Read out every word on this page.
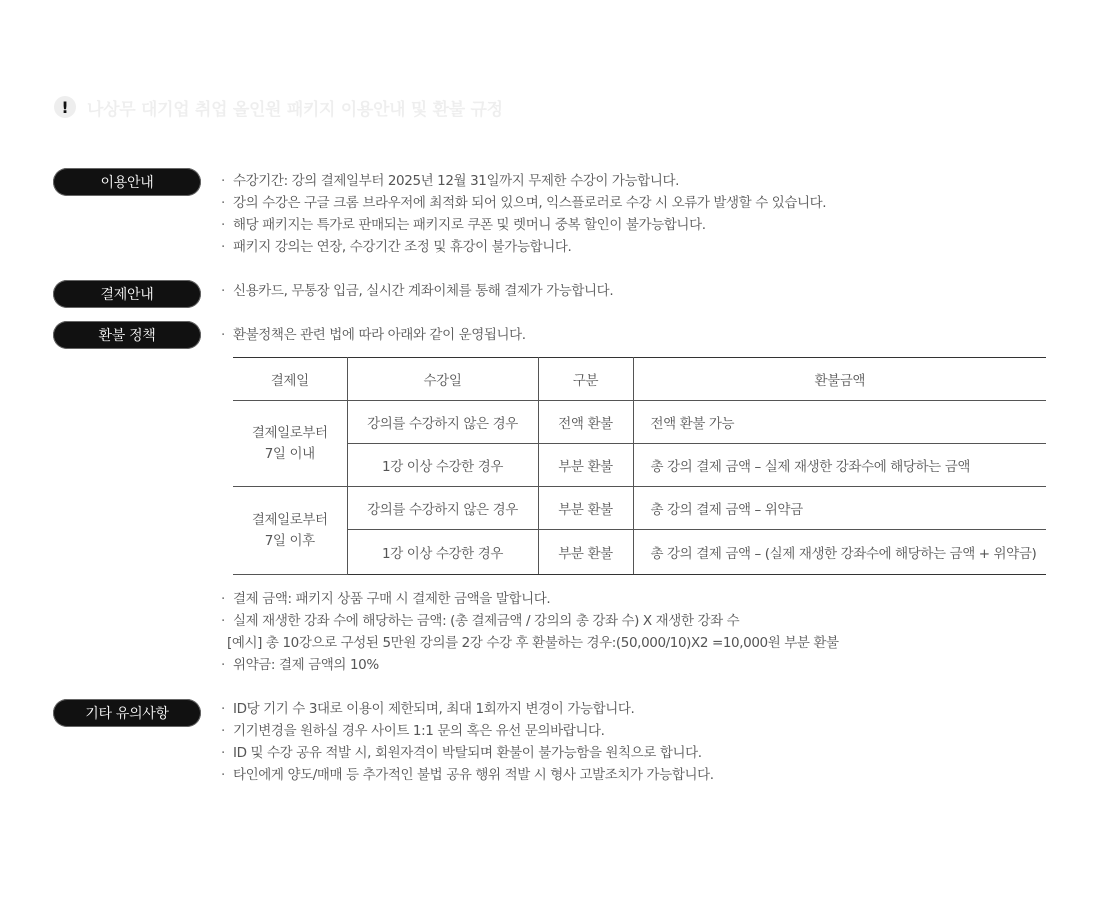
!	나상무 대기업 취업 올인원 패키지 이용안내 및 환불 규정
이용안내	· 수강기간: 강의 결제일부터 2025년 12월 31일까지 무제한 수강이 가능합니다.
· 강의 수강은 구글 크롬 브라우저에 최적화 되어 있으며, 익스플로러로 수강 시 오류가 발생할 수 있습니다.
· 해당 패키지는 특가로 판매되는 패키지로 쿠폰 및 렛머니 중복 할인이 불가능합니다.
· 패키지 강의는 연장, 수강기간 조정 및 휴강이 불가능합니다.
결제안내	· 신용카드, 무통장 입금, 실시간 계좌이체를 통해 결제가 가능합니다.
환불 정책	· 환불정책은 관련 법에 따라 아래와 같이 운영됩니다.
결제일	수강일	구분	환불금액

결제일로부터
7일 이내	강의를 수강하지 않은 경우	전액 환불	전액 환불 가능
	1강 이상 수강한 경우	부분 환불	총 강의 결제 금액 – 실제 재생한 강좌수에 해당하는 금액

결제일로부터
7일 이후	강의를 수강하지 않은 경우	부분 환불	총 강의 결제 금액 – 위약금
	1강 이상 수강한 경우	부분 환불	총 강의 결제 금액 – (실제 재생한 강좌수에 해당하는 금액 + 위약금)
· 결제 금액: 패키지 상품 구매 시 결제한 금액을 말합니다.
· 실제 재생한 강좌 수에 해당하는 금액: (총 결제금액 / 강의의 총 강좌 수) X 재생한 강좌 수
[예시] 총 10강으로 구성된 5만원 강의를 2강 수강 후 환불하는 경우:(50,000/10)X2 =10,000원 부분 환불
· 위약금: 결제 금액의 10%
기타 유의사항	· ID당 기기 수 3대로 이용이 제한되며, 최대 1회까지 변경이 가능합니다.
· 기기변경을 원하실 경우 사이트 1:1 문의 혹은 유선 문의바랍니다.
· ID 및 수강 공유 적발 시, 회원자격이 박탈되며 환불이 불가능함을 원칙으로 합니다.
· 타인에게 양도/매매 등 추가적인 불법 공유 행위 적발 시 형사 고발조치가 가능합니다.
